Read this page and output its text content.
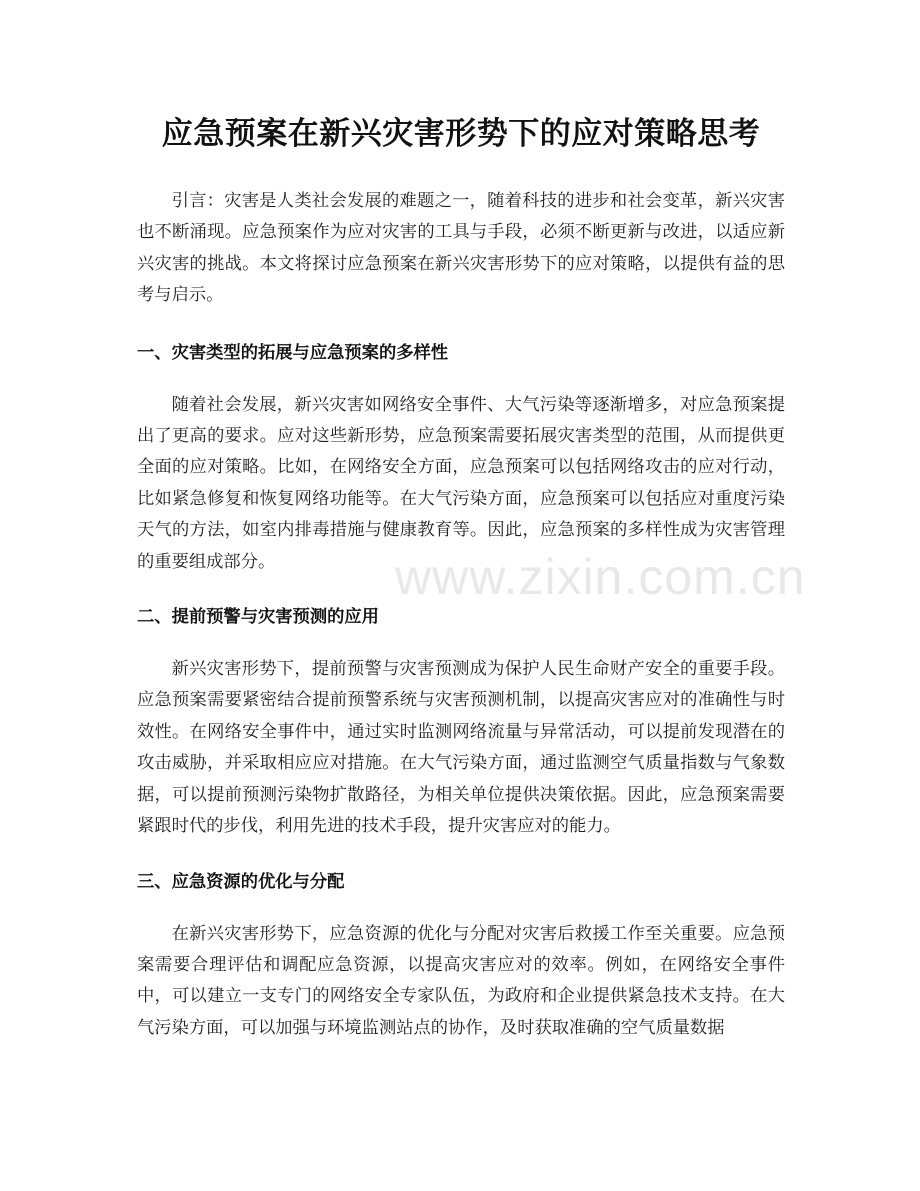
应急预案在新兴灾害形势下的应对策略思考

引言：灾害是人类社会发展的难题之一，随着科技的进步和社会变革，新兴灾害也不断涌现。应急预案作为应对灾害的工具与手段，必须不断更新与改进，以适应新兴灾害的挑战。本文将探讨应急预案在新兴灾害形势下的应对策略，以提供有益的思考与启示。

一、灾害类型的拓展与应急预案的多样性

随着社会发展，新兴灾害如网络安全事件、大气污染等逐渐增多，对应急预案提出了更高的要求。应对这些新形势，应急预案需要拓展灾害类型的范围，从而提供更全面的应对策略。比如，在网络安全方面，应急预案可以包括网络攻击的应对行动，比如紧急修复和恢复网络功能等。在大气污染方面，应急预案可以包括应对重度污染天气的方法，如室内排毒措施与健康教育等。因此，应急预案的多样性成为灾害管理的重要组成部分。

二、提前预警与灾害预测的应用

新兴灾害形势下，提前预警与灾害预测成为保护人民生命财产安全的重要手段。应急预案需要紧密结合提前预警系统与灾害预测机制，以提高灾害应对的准确性与时效性。在网络安全事件中，通过实时监测网络流量与异常活动，可以提前发现潜在的攻击威胁，并采取相应应对措施。在大气污染方面，通过监测空气质量指数与气象数据，可以提前预测污染物扩散路径，为相关单位提供决策依据。因此，应急预案需要紧跟时代的步伐，利用先进的技术手段，提升灾害应对的能力。

三、应急资源的优化与分配

在新兴灾害形势下，应急资源的优化与分配对灾害后救援工作至关重要。应急预案需要合理评估和调配应急资源，以提高灾害应对的效率。例如，在网络安全事件中，可以建立一支专门的网络安全专家队伍，为政府和企业提供紧急技术支持。在大气污染方面，可以加强与环境监测站点的协作，及时获取准确的空气质量数据

www.zixin.com.cn
